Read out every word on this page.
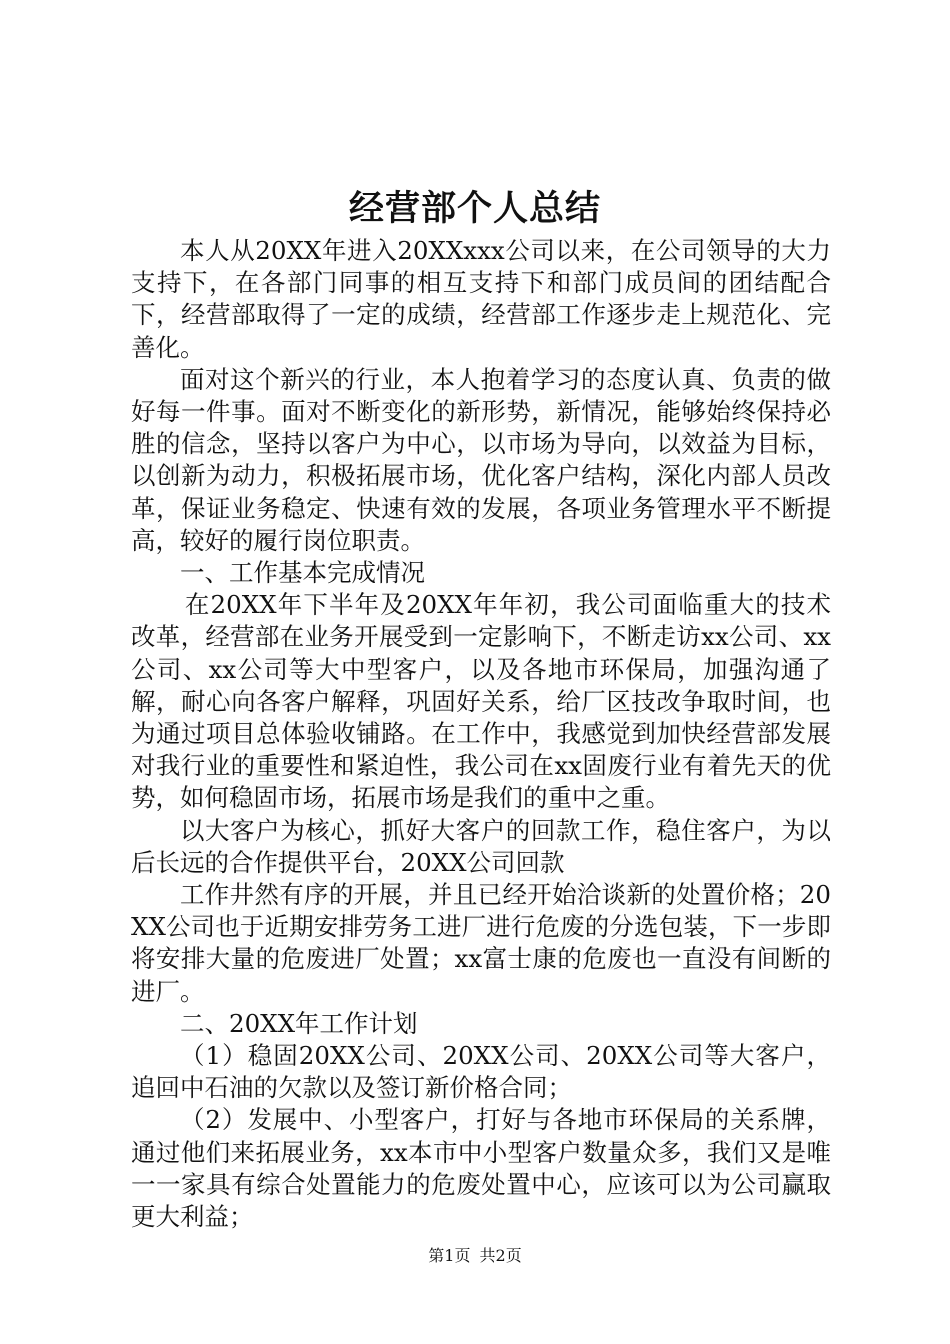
经营部个人总结

本人从20XX年进入20XXxxx公司以来，在公司领导的大力支持下，在各部门同事的相互支持下和部门成员间的团结配合下，经营部取得了一定的成绩，经营部工作逐步走上规范化、完善化。

面对这个新兴的行业，本人抱着学习的态度认真、负责的做好每一件事。面对不断变化的新形势，新情况，能够始终保持必胜的信念，坚持以客户为中心，以市场为导向，以效益为目标，以创新为动力，积极拓展市场，优化客户结构，深化内部人员改革，保证业务稳定、快速有效的发展，各项业务管理水平不断提高，较好的履行岗位职责。

一、工作基本完成情况

在20XX年下半年及20XX年年初，我公司面临重大的技术改革，经营部在业务开展受到一定影响下，不断走访xx公司、xx公司、xx公司等大中型客户，以及各地市环保局，加强沟通了解，耐心向各客户解释，巩固好关系，给厂区技改争取时间，也为通过项目总体验收铺路。在工作中，我感觉到加快经营部发展对我行业的重要性和紧迫性，我公司在xx固废行业有着先天的优势，如何稳固市场，拓展市场是我们的重中之重。

以大客户为核心，抓好大客户的回款工作，稳住客户，为以后长远的合作提供平台，20XX公司回款

工作井然有序的开展，并且已经开始洽谈新的处置价格；20XX公司也于近期安排劳务工进厂进行危废的分选包装，下一步即将安排大量的危废进厂处置；xx富士康的危废也一直没有间断的进厂。

二、20XX年工作计划

（1）稳固20XX公司、20XX公司、20XX公司等大客户，追回中石油的欠款以及签订新价格合同；

（2）发展中、小型客户，打好与各地市环保局的关系牌，通过他们来拓展业务，xx本市中小型客户数量众多，我们又是唯一一家具有综合处置能力的危废处置中心，应该可以为公司赢取更大利益；

第1页 共2页
